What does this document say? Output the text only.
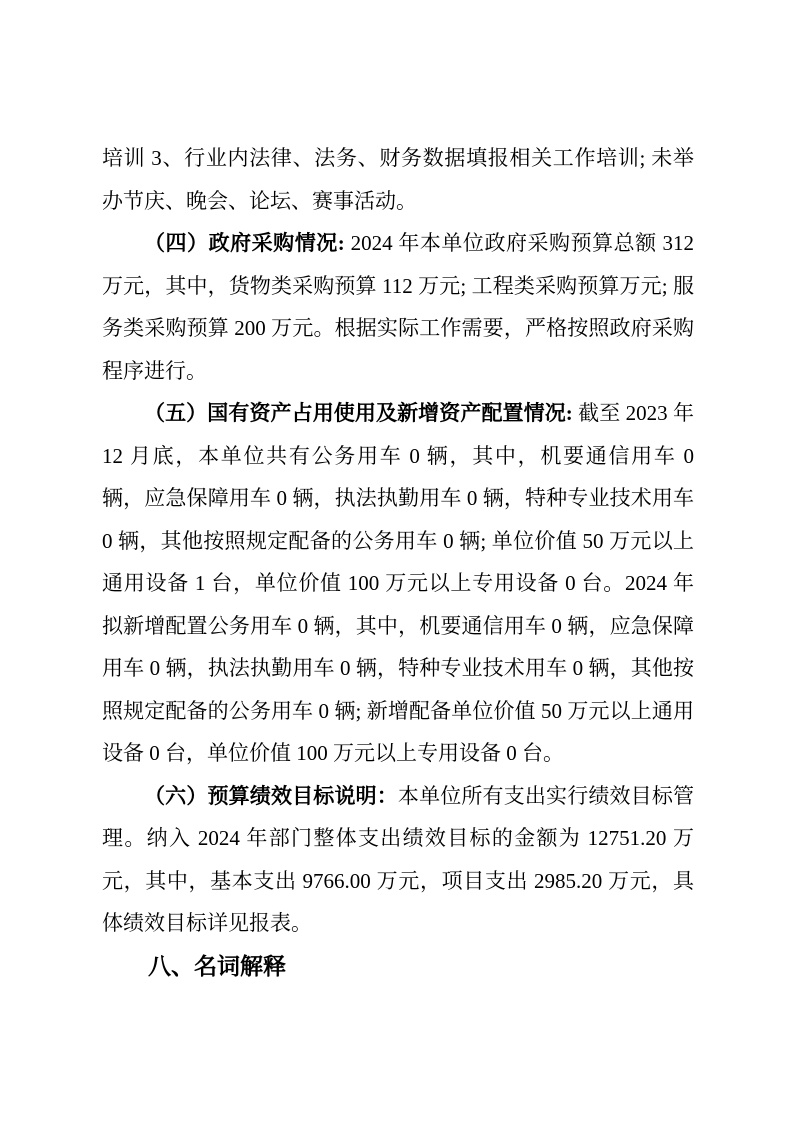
培训 3、行业内法律、法务、财务数据填报相关工作培训; 未举办节庆、晚会、论坛、赛事活动。

（四）政府采购情况: 2024 年本单位政府采购预算总额 312 万元，其中，货物类采购预算 112 万元; 工程类采购预算万元; 服务类采购预算 200 万元。根据实际工作需要，严格按照政府采购程序进行。

（五）国有资产占用使用及新增资产配置情况: 截至 2023 年 12 月底，本单位共有公务用车 0 辆，其中，机要通信用车 0 辆，应急保障用车 0 辆，执法执勤用车 0 辆，特种专业技术用车 0 辆，其他按照规定配备的公务用车 0 辆; 单位价值 50 万元以上通用设备 1 台，单位价值 100 万元以上专用设备 0 台。2024 年拟新增配置公务用车 0 辆，其中，机要通信用车 0 辆，应急保障用车 0 辆，执法执勤用车 0 辆，特种专业技术用车 0 辆，其他按照规定配备的公务用车 0 辆; 新增配备单位价值 50 万元以上通用设备 0 台，单位价值 100 万元以上专用设备 0 台。

（六）预算绩效目标说明：本单位所有支出实行绩效目标管理。纳入 2024 年部门整体支出绩效目标的金额为 12751.20 万元，其中，基本支出 9766.00 万元，项目支出 2985.20 万元，具体绩效目标详见报表。

八、名词解释
